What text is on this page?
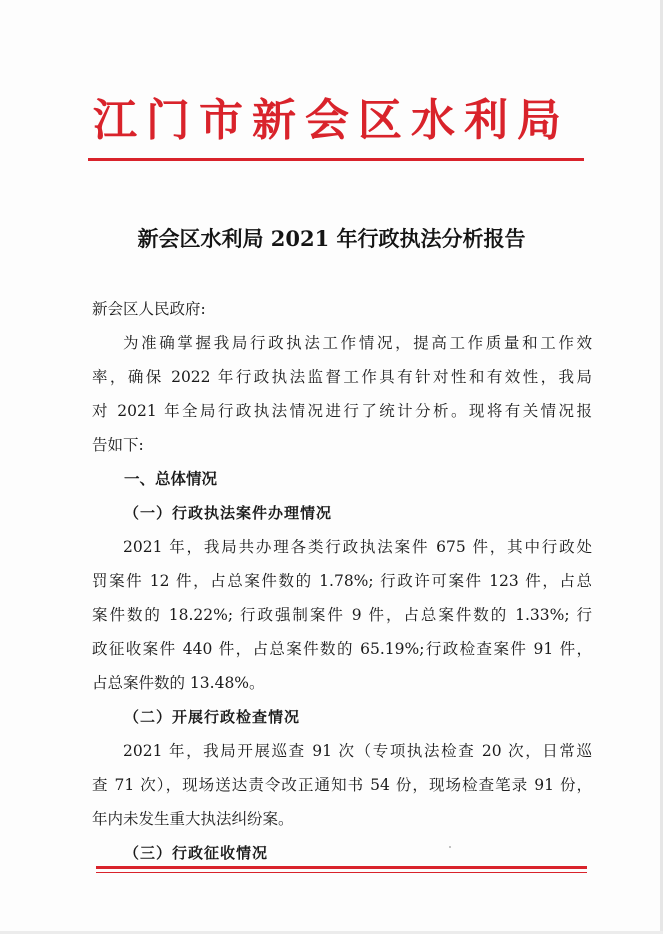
江门市新会区水利局
新会区水利局 2021 年行政执法分析报告
新会区人民政府:
为准确掌握我局行政执法工作情况，提高工作质量和工作效
率，确保 2022 年行政执法监督工作具有针对性和有效性，我局
对 2021 年全局行政执法情况进行了统计分析。现将有关情况报
告如下:
一、总体情况
（一）行政执法案件办理情况
2021 年，我局共办理各类行政执法案件 675 件，其中行政处
罚案件 12 件，占总案件数的 1.78%; 行政许可案件 123 件，占总
案件数的 18.22%; 行政强制案件 9 件，占总案件数的 1.33%; 行
政征收案件 440 件，占总案件数的 65.19%;行政检查案件 91 件，
占总案件数的 13.48%。
（二）开展行政检查情况
2021 年，我局开展巡查 91 次（专项执法检查 20 次，日常巡
查 71 次），现场送达责令改正通知书 54 份，现场检查笔录 91 份，
年内未发生重大执法纠纷案。
（三）行政征收情况
